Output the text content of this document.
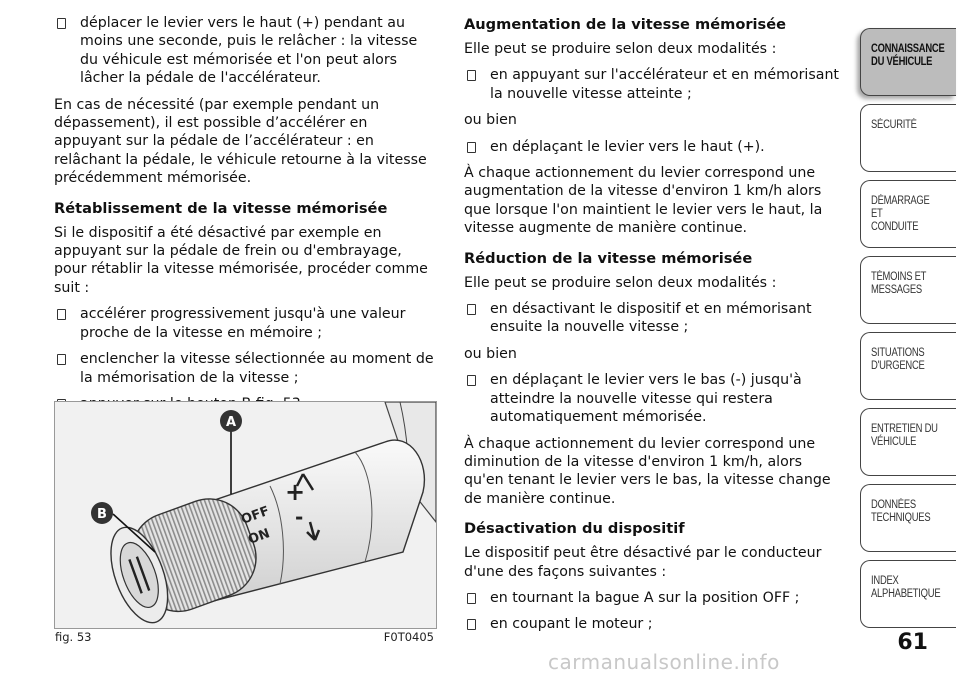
déplacer le levier vers le haut (+) pendant au moins une seconde, puis le relâcher : la vitesse du véhicule est mémorisée et l'on peut alors lâcher la pédale de l'accélérateur.

En cas de nécessité (par exemple pendant un dépassement), il est possible d’accélérer en appuyant sur la pédale de l’accélérateur : en relâchant la pédale, le véhicule retourne à la vitesse précédemment mémorisée.

Rétablissement de la vitesse mémorisée

Si le dispositif a été désactivé par exemple en appuyant sur la pédale de frein ou d'embrayage, pour rétablir la vitesse mémorisée, procéder comme suit :

accélérer progressivement jusqu'à une valeur proche de la vitesse en mémoire ;

enclencher la vitesse sélectionnée au moment de la mémorisation de la vitesse ;

OFF
ON
+
-
A
B
fig. 53	F0T0405
Augmentation de la vitesse mémorisée

Elle peut se produire selon deux modalités :

en appuyant sur l'accélérateur et en mémorisant la nouvelle vitesse atteinte ;

ou bien

en déplaçant le levier vers le haut (+).

À chaque actionnement du levier correspond une augmentation de la vitesse d'environ 1 km/h alors que lorsque l'on maintient le levier vers le haut, la vitesse augmente de manière continue.

Réduction de la vitesse mémorisée

Elle peut se produire selon deux modalités :

en désactivant le dispositif et en mémorisant ensuite la nouvelle vitesse ;

ou bien

en déplaçant le levier vers le bas (-) jusqu'à atteindre la nouvelle vitesse qui restera automatiquement mémorisée.

À chaque actionnement du levier correspond une diminution de la vitesse d'environ 1 km/h, alors qu'en tenant le levier vers le bas, la vitesse change de manière continue.

Désactivation du dispositif

Le dispositif peut être désactivé par le conducteur d'une des façons suivantes :

en tournant la bague A sur la position OFF ;

en coupant le moteur ;

CONNAISSANCE
DU VÉHICULE
SÉCURITÉ
DÉMARRAGE ET
CONDUITE
TÉMOINS ET
MESSAGES
SITUATIONS
D'URGENCE
ENTRETIEN DU
VÉHICULE
DONNÉES
TECHNIQUES
INDEX
ALPHABETIQUE
61
carmanualsonline.info
